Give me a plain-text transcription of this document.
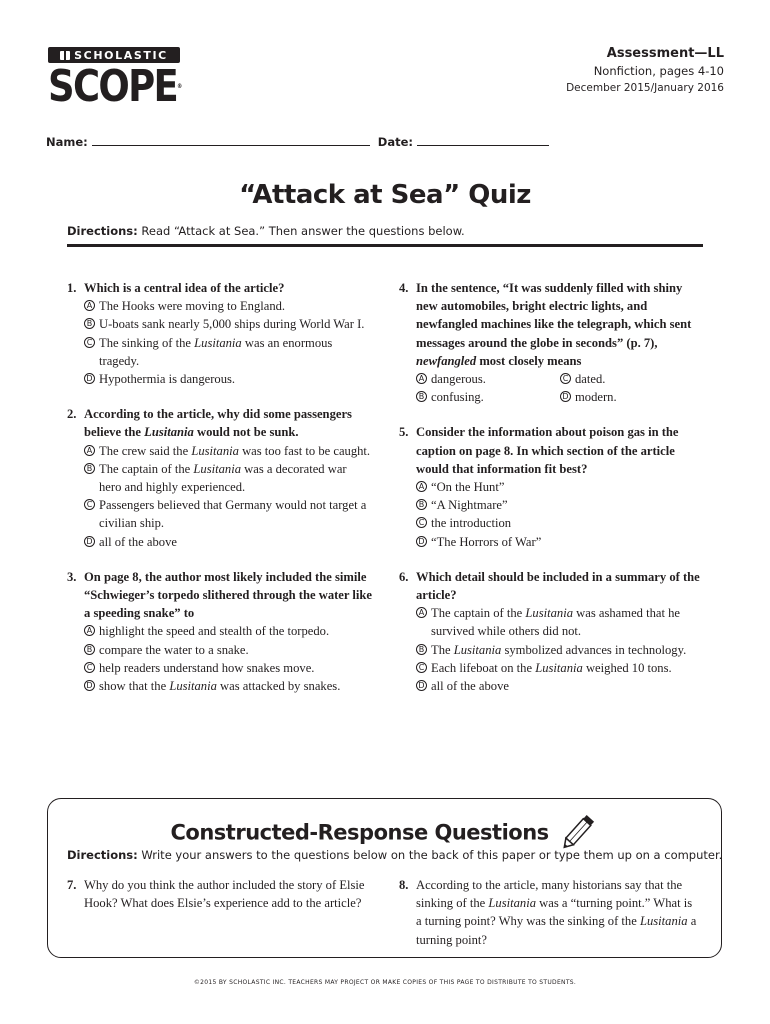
SCHOLASTIC
SCOPE®
Assessment—LL
Nonfiction, pages 4-10
December 2015/January 2016
Name:	Date:
“Attack at Sea” Quiz
Directions: Read “Attack at Sea.” Then answer the questions below.
1. Which is a central idea of the article?
A The Hooks were moving to England.
B U-boats sank nearly 5,000 ships during World War I.
C The sinking of the Lusitania was an enormous tragedy.
D Hypothermia is dangerous.
2. According to the article, why did some passengers believe the Lusitania would not be sunk.
A The crew said the Lusitania was too fast to be caught.
B The captain of the Lusitania was a decorated war hero and highly experienced.
C Passengers believed that Germany would not target a civilian ship.
D all of the above
3. On page 8, the author most likely included the simile “Schwieger’s torpedo slithered through the water like a speeding snake” to
A highlight the speed and stealth of the torpedo.
B compare the water to a snake.
C help readers understand how snakes move.
D show that the Lusitania was attacked by snakes.
4. In the sentence, “It was suddenly filled with shiny new automobiles, bright electric lights, and newfangled machines like the telegraph, which sent messages around the globe in seconds” (p. 7), newfangled most closely means
A dangerous.	C dated.
B confusing.	D modern.
5. Consider the information about poison gas in the caption on page 8. In which section of the article would that information fit best?
A “On the Hunt”
B “A Nightmare”
C the introduction
D “The Horrors of War”
6. Which detail should be included in a summary of the article?
A The captain of the Lusitania was ashamed that he survived while others did not.
B The Lusitania symbolized advances in technology.
C Each lifeboat on the Lusitania weighed 10 tons.
D all of the above
Constructed-Response Questions
Directions: Write your answers to the questions below on the back of this paper or type them up on a computer.
7. Why do you think the author included the story of Elsie Hook? What does Elsie’s experience add to the article?
8. According to the article, many historians say that the sinking of the Lusitania was a “turning point.” What is a turning point? Why was the sinking of the Lusitania a turning point?
©2015 BY SCHOLASTIC INC. TEACHERS MAY PROJECT OR MAKE COPIES OF THIS PAGE TO DISTRIBUTE TO STUDENTS.
